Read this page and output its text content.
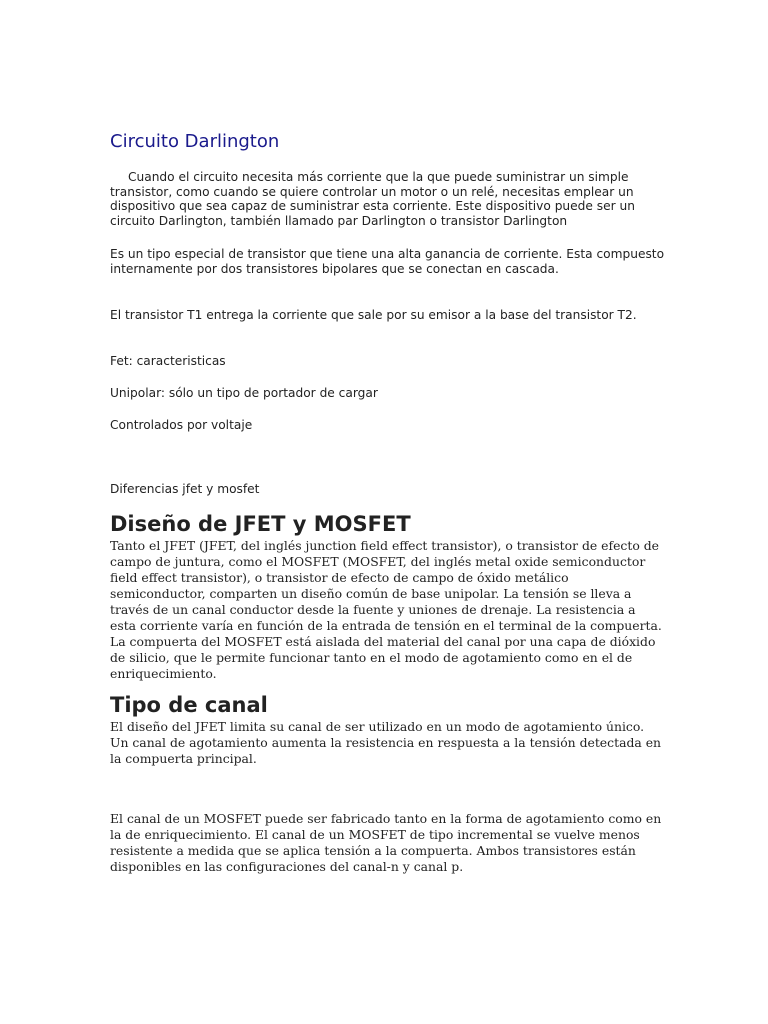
Circuito Darlington

Cuando el circuito necesita más corriente que la que puede suministrar un simple transistor, como cuando se quiere controlar un motor o un relé, necesitas emplear un dispositivo que sea capaz de suministrar esta corriente. Este dispositivo puede ser un circuito Darlington, también llamado par Darlington o transistor Darlington

Es un tipo especial de transistor que tiene una alta ganancia de corriente. Esta compuesto internamente por dos transistores bipolares que se conectan en cascada.

El transistor T1 entrega la corriente que sale por su emisor a la base del transistor T2.

Fet: caracteristicas

Unipolar: sólo un tipo de portador de cargar

Controlados por voltaje

Diferencias jfet y mosfet

Diseño de JFET y MOSFET

Tanto el JFET (JFET, del inglés junction field effect transistor), o transistor de efecto de campo de juntura, como el MOSFET (MOSFET, del inglés metal oxide semiconductor field effect transistor), o transistor de efecto de campo de óxido metálico semiconductor, comparten un diseño común de base unipolar. La tensión se lleva a través de un canal conductor desde la fuente y uniones de drenaje. La resistencia a esta corriente varía en función de la entrada de tensión en el terminal de la compuerta. La compuerta del MOSFET está aislada del material del canal por una capa de dióxido de silicio, que le permite funcionar tanto en el modo de agotamiento como en el de enriquecimiento.

Tipo de canal

El diseño del JFET limita su canal de ser utilizado en un modo de agotamiento único. Un canal de agotamiento aumenta la resistencia en respuesta a la tensión detectada en la compuerta principal.

El canal de un MOSFET puede ser fabricado tanto en la forma de agotamiento como en la de enriquecimiento. El canal de un MOSFET de tipo incremental se vuelve menos resistente a medida que se aplica tensión a la compuerta. Ambos transistores están disponibles en las configuraciones del canal-n y canal p.
